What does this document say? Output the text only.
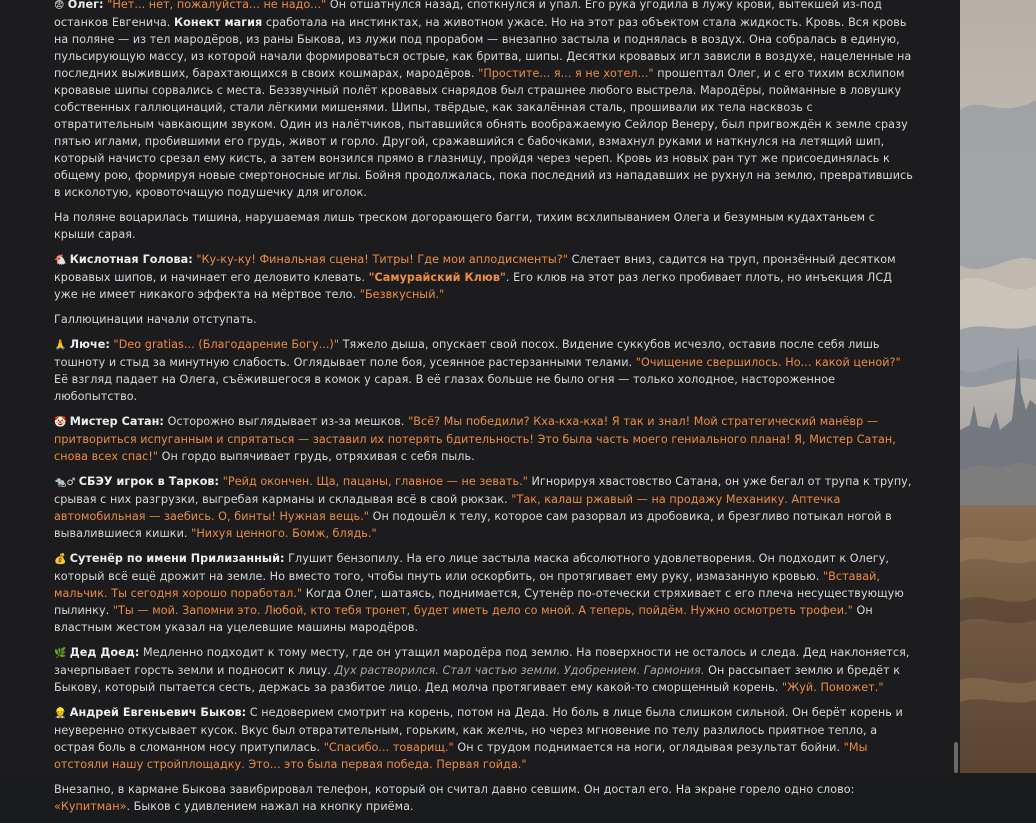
😨 Олег: "Нет... нет, пожалуйста... не надо..." Он отшатнулся назад, споткнулся и упал. Его рука угодила в лужу крови, вытекшей из-под останков Евгенича. Конект магия сработала на инстинктах, на животном ужасе. Но на этот раз объектом стала жидкость. Кровь. Вся кровь на поляне — из тел мародёров, из раны Быкова, из лужи под прорабом — внезапно застыла и поднялась в воздух. Она собралась в единую, пульсирующую массу, из которой начали формироваться острые, как бритва, шипы. Десятки кровавых игл зависли в воздухе, нацеленные на последних выживших, барахтающихся в своих кошмарах, мародёров. "Простите... я... я не хотел..." прошептал Олег, и с его тихим всхлипом кровавые шипы сорвались с места. Беззвучный полёт кровавых снарядов был страшнее любого выстрела. Мародёры, пойманные в ловушку собственных галлюцинаций, стали лёгкими мишенями. Шипы, твёрдые, как закалённая сталь, прошивали их тела насквозь с отвратительным чавкающим звуком. Один из налётчиков, пытавшийся обнять воображаемую Сейлор Венеру, был пригвождён к земле сразу пятью иглами, пробившими его грудь, живот и горло. Другой, сражавшийся с бабочками, взмахнул руками и наткнулся на летящий шип, который начисто срезал ему кисть, а затем вонзился прямо в глазницу, пройдя через череп. Кровь из новых ран тут же присоединялась к общему рою, формируя новые смертоносные иглы. Бойня продолжалась, пока последний из нападавших не рухнул на землю, превратившись в исколотую, кровоточащую подушечку для иголок.

На поляне воцарилась тишина, нарушаемая лишь треском догорающего багги, тихим всхлипыванием Олега и безумным кудахтаньем с крыши сарая.

🐔 Кислотная Голова: "Ку-ку-ку! Финальная сцена! Титры! Где мои аплодисменты?" Слетает вниз, садится на труп, пронзённый десятком кровавых шипов, и начинает его деловито клевать. "Самурайский Клюв". Его клюв на этот раз легко пробивает плоть, но инъекция ЛСД уже не имеет никакого эффекта на мёртвое тело. "Безвкусный."

Галлюцинации начали отступать.

🙏 Люче: "Deo gratias... (Благодарение Богу...)" Тяжело дыша, опускает свой посох. Видение суккубов исчезло, оставив после себя лишь тошноту и стыд за минутную слабость. Оглядывает поле боя, усеянное растерзанными телами. "Очищение свершилось. Но... какой ценой?" Её взгляд падает на Олега, съёжившегося в комок у сарая. В её глазах больше не было огня — только холодное, настороженное любопытство.

🤡 Мистер Сатан: Осторожно выглядывает из-за мешков. "Всё? Мы победили? Кха-кха-кха! Я так и знал! Мой стратегический манёвр — притвориться испуганным и спрятаться — заставил их потерять бдительность! Это была часть моего гениального плана! Я, Мистер Сатан, снова всех спас!" Он гордо выпячивает грудь, отряхивая с себя пыль.

🐀♂ СБЭУ игрок в Тарков: "Рейд окончен. Ща, пацаны, главное — не зевать." Игнорируя хвастовство Сатана, он уже бегал от трупа к трупу, срывая с них разгрузки, выгребая карманы и складывая всё в свой рюкзак. "Так, калаш ржавый — на продажу Механику. Аптечка автомобильная — заебись. О, бинты! Нужная вещь." Он подошёл к телу, которое сам разорвал из дробовика, и брезгливо потыкал ногой в вывалившиеся кишки. "Нихуя ценного. Бомж, блядь."

💰 Сутенёр по имени Прилизанный: Глушит бензопилу. На его лице застыла маска абсолютного удовлетворения. Он подходит к Олегу, который всё ещё дрожит на земле. Но вместо того, чтобы пнуть или оскорбить, он протягивает ему руку, измазанную кровью. "Вставай, мальчик. Ты сегодня хорошо поработал." Когда Олег, шатаясь, поднимается, Сутенёр по-отечески стряхивает с его плеча несуществующую пылинку. "Ты — мой. Запомни это. Любой, кто тебя тронет, будет иметь дело со мной. А теперь, пойдём. Нужно осмотреть трофеи." Он властным жестом указал на уцелевшие машины мародёров.

🌿 Дед Доед: Медленно подходит к тому месту, где он утащил мародёра под землю. На поверхности не осталось и следа. Дед наклоняется, зачерпывает горсть земли и подносит к лицу. Дух растворился. Стал частью земли. Удобрением. Гармония. Он рассыпает землю и бредёт к Быкову, который пытается сесть, держась за разбитое лицо. Дед молча протягивает ему какой-то сморщенный корень. "Жуй. Поможет."

👷 Андрей Евгеньевич Быков: С недоверием смотрит на корень, потом на Деда. Но боль в лице была слишком сильной. Он берёт корень и неуверенно откусывает кусок. Вкус был отвратительным, горьким, как желчь, но через мгновение по телу разлилось приятное тепло, а острая боль в сломанном носу притупилась. "Спасибо... товарищ." Он с трудом поднимается на ноги, оглядывая результат бойни. "Мы отстояли нашу стройплощадку. Это... это была первая победа. Первая гойда."

Внезапно, в кармане Быкова завибрировал телефон, который он считал давно севшим. Он достал его. На экране горело одно слово: «Купитман». Быков с удивлением нажал на кнопку приёма.
